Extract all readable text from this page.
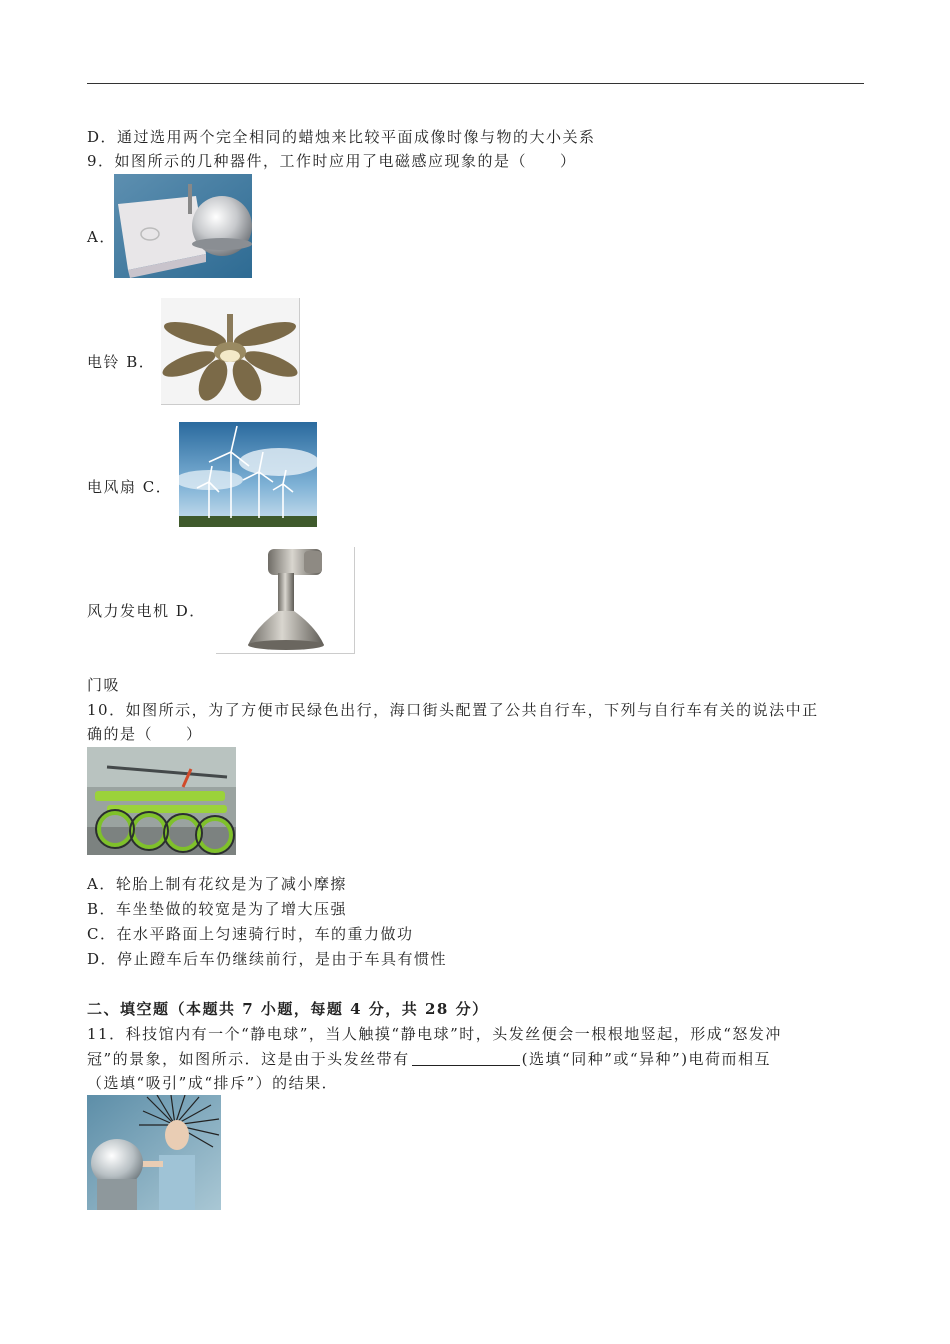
D．通过选用两个完全相同的蜡烛来比较平面成像时像与物的大小关系
9．如图所示的几种器件，工作时应用了电磁感应现象的是（　　）
A．
电铃 B．
电风扇 C．
风力发电机 D．
门吸
10．如图所示，为了方便市民绿色出行，海口街头配置了公共自行车，下列与自行车有关的说法中正
确的是（　　）
A．轮胎上制有花纹是为了减小摩擦
B．车坐垫做的较宽是为了增大压强
C．在水平路面上匀速骑行时，车的重力做功
D．停止蹬车后车仍继续前行，是由于车具有惯性
二、填空题（本题共 7 小题，每题 4 分，共 28 分）
11．科技馆内有一个“静电球”，当人触摸“静电球”时，头发丝便会一根根地竖起，形成“怒发冲
冠”的景象，如图所示．这是由于头发丝带有	(选填“同种”或“异种”)电荷而相互
（选填“吸引”成“排斥”）的结果．
